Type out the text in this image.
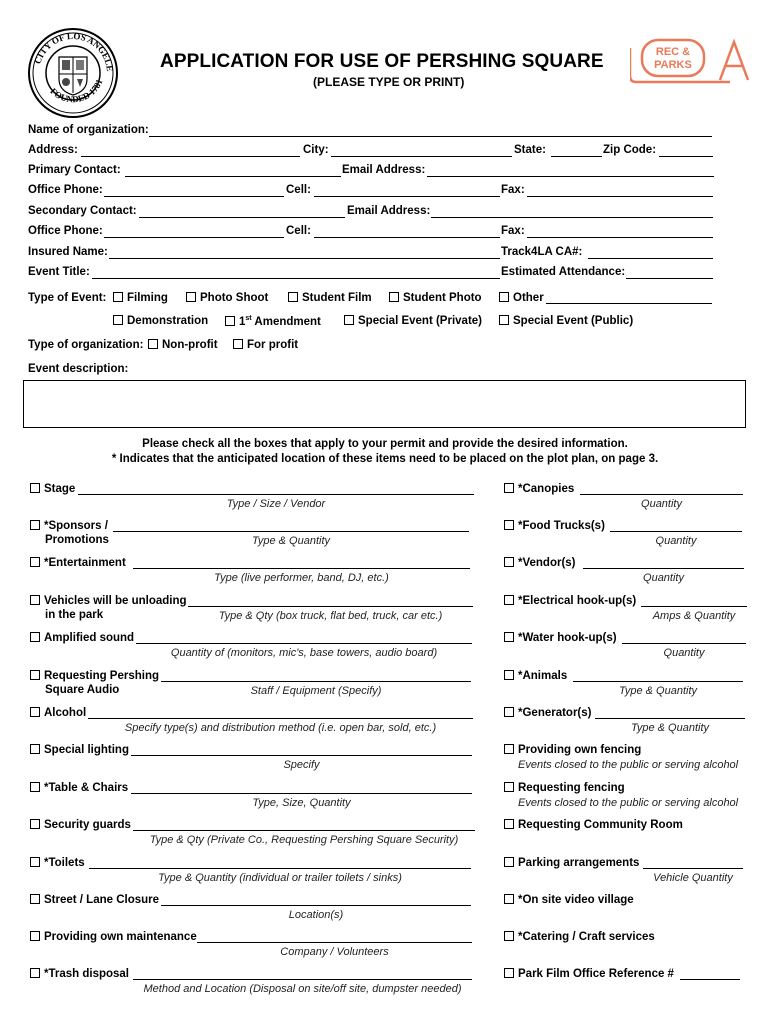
CITY OF LOS ANGELE
FOUNDED 1781
APPLICATION FOR USE OF PERSHING SQUARE
(PLEASE TYPE OR PRINT)
REC &
PARKS
Name of organization:
Address:	City:	State:	Zip Code:
Primary Contact:	Email Address:
Office Phone:	Cell:	Fax:
Secondary Contact:	Email Address:
Office Phone:	Cell:	Fax:
Insured Name:	Track4LA CA#:
Event Title:	Estimated Attendance:
Type of Event:	Filming	Photo Shoot	Student Film	Student Photo	Other
Demonstration	1st Amendment	Special Event (Private)	Special Event (Public)
Type of organization:	Non-profit	For profit
Event description:
Please check all the boxes that apply to your permit and provide the desired information.
* Indicates that the anticipated location of these items need to be placed on the plot plan, on page 3.
Stage
Type / Size / Vendor
*Sponsors /
Promotions	Type & Quantity
*Entertainment
Type (live performer, band, DJ, etc.)
Vehicles will be unloading
in the park	Type & Qty (box truck, flat bed, truck, car etc.)
Amplified sound
Quantity of (monitors, mic's, base towers, audio board)
Requesting Pershing
Square Audio	Staff / Equipment (Specify)
Alcohol
Specify type(s) and distribution method (i.e. open bar, sold, etc.)
Special lighting
Specify
*Table & Chairs
Type, Size, Quantity
Security guards
Type & Qty (Private Co., Requesting Pershing Square Security)
*Toilets
Type & Quantity (individual or trailer toilets / sinks)
Street / Lane Closure
Location(s)
Providing own maintenance
Company / Volunteers
*Trash disposal
Method and Location (Disposal on site/off site, dumpster needed)
*Canopies
Quantity
*Food Trucks(s)
Quantity
*Vendor(s)
Quantity
*Electrical hook-up(s)
Amps & Quantity
*Water hook-up(s)
Quantity
*Animals
Type & Quantity
*Generator(s)
Type & Quantity
Providing own fencing
Events closed to the public or serving alcohol
Requesting fencing
Events closed to the public or serving alcohol
Requesting Community Room
Parking arrangements
Vehicle Quantity
*On site video village
*Catering / Craft services
Park Film Office Reference #
